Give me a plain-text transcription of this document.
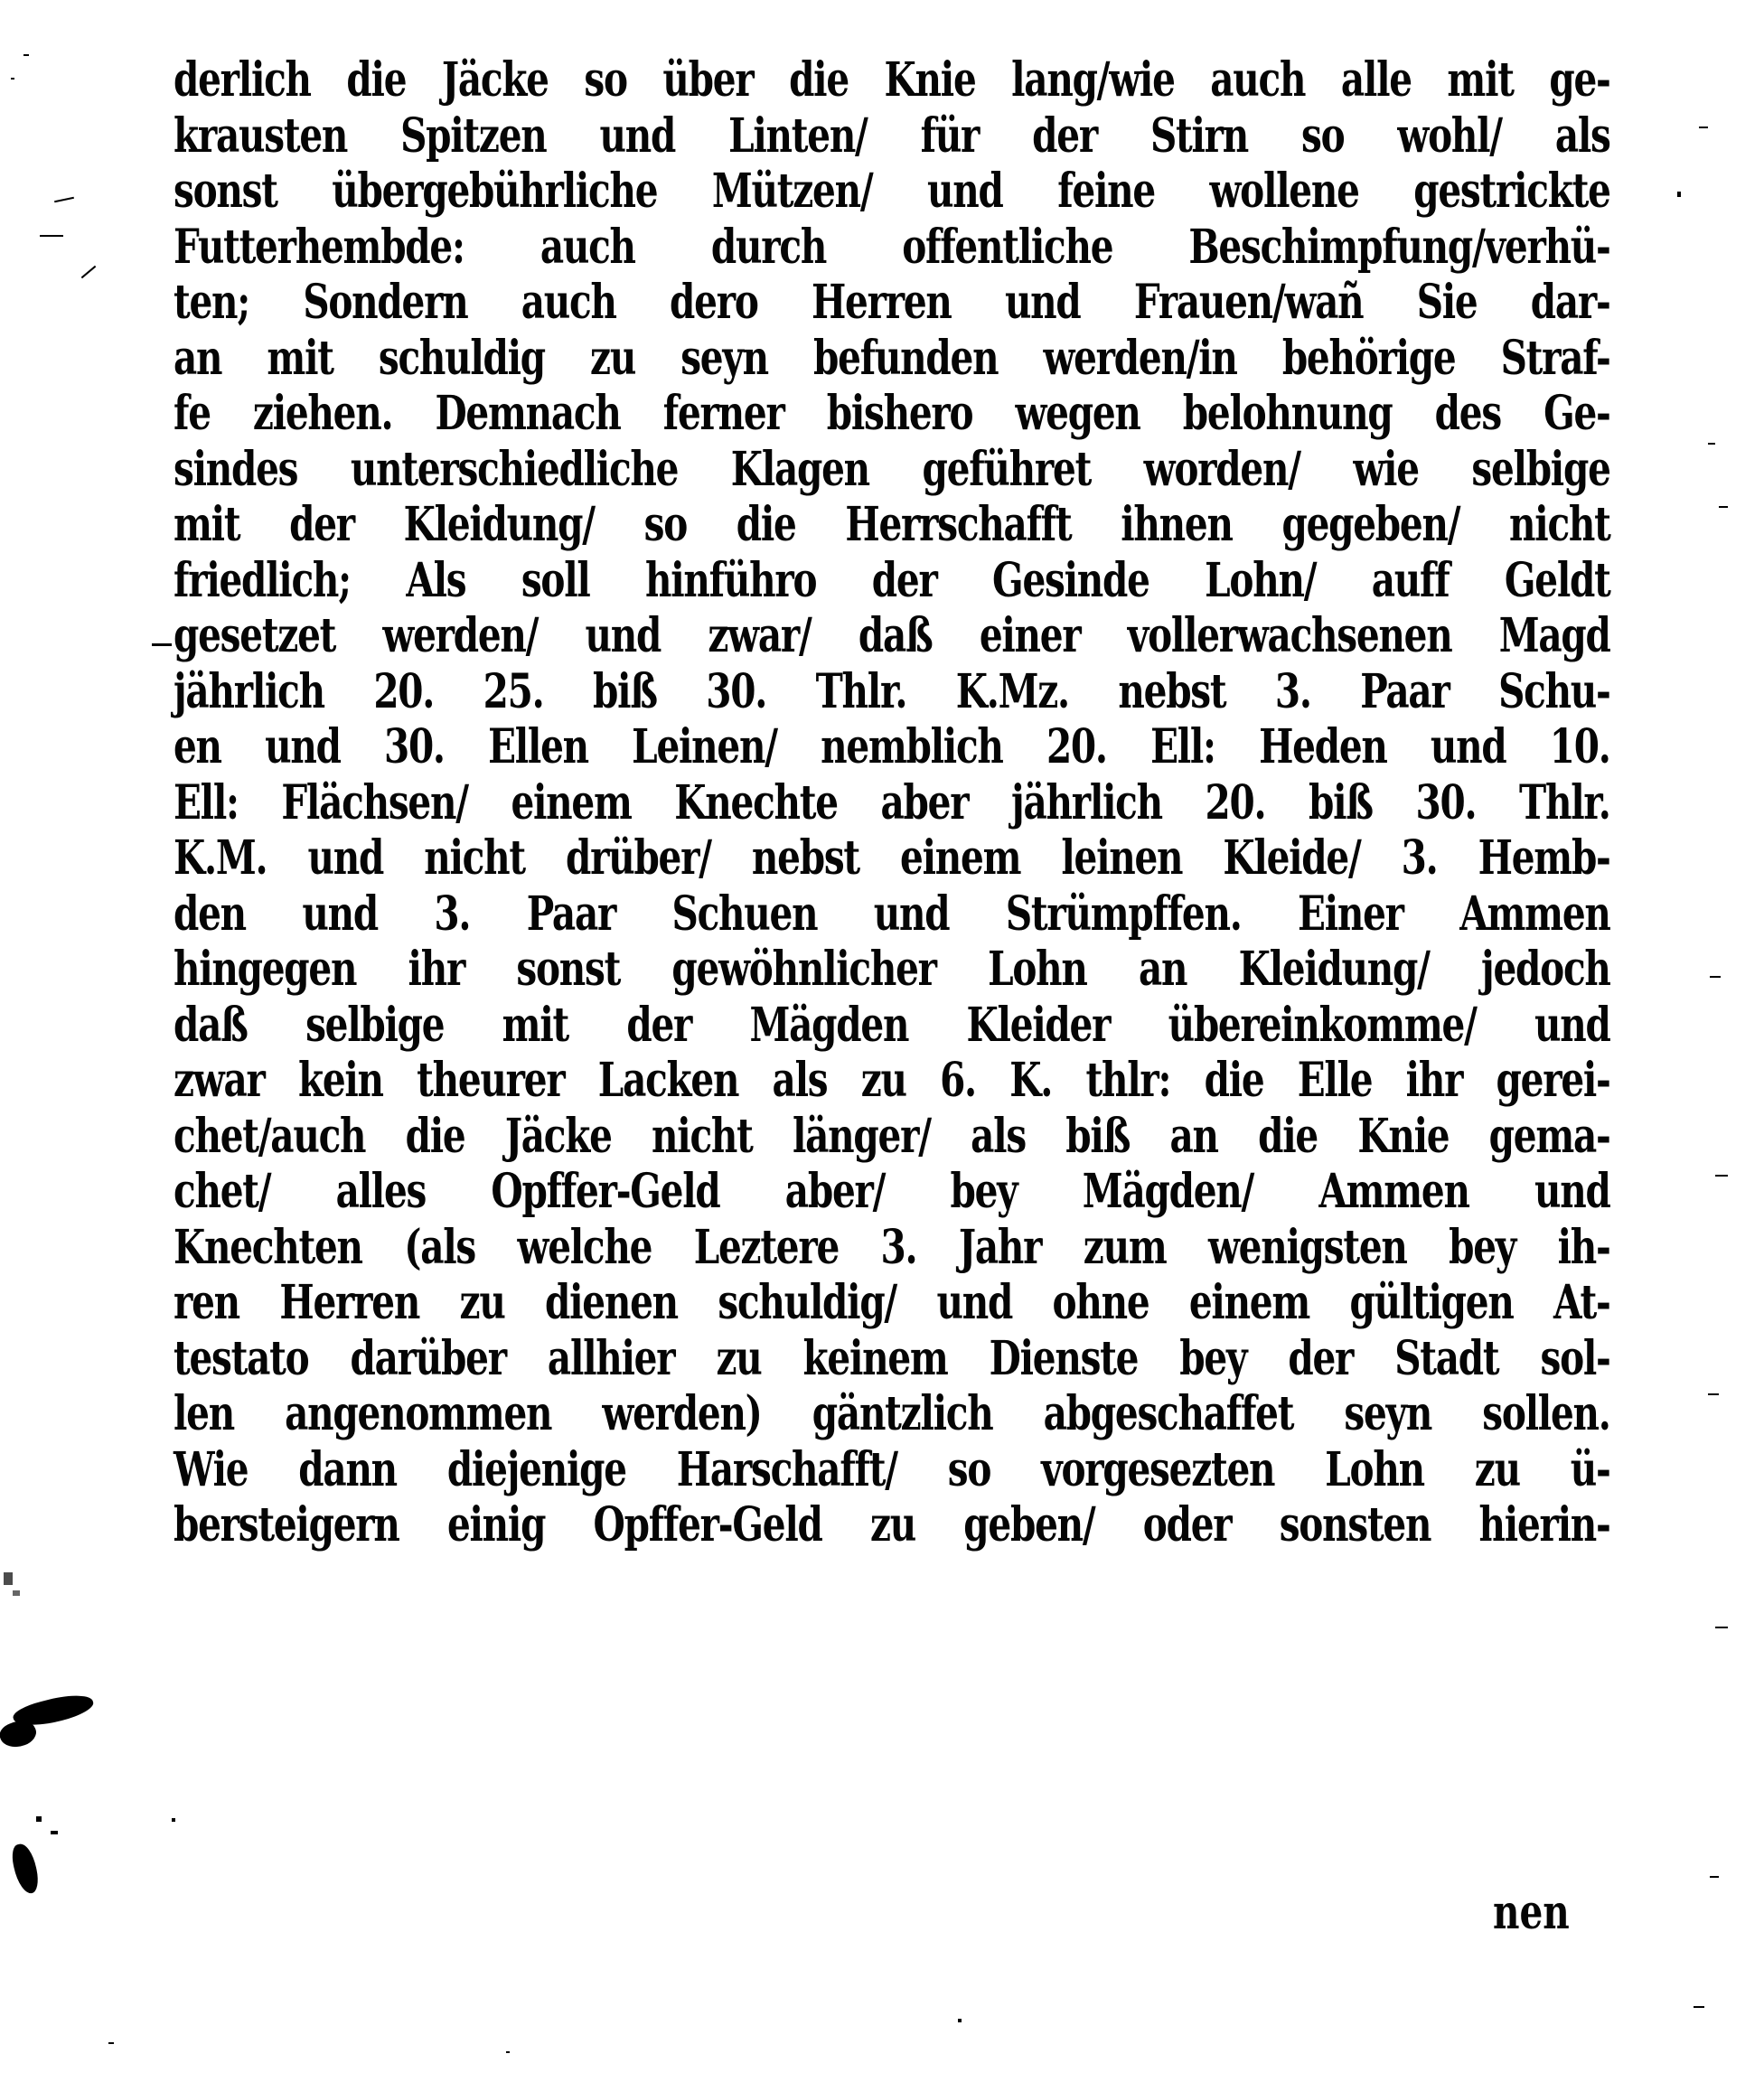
derlich die Jäcke so über die Knie lang/wie auch alle mit ge-
krausten Spitzen und Linten/ für der Stirn so wohl/ als
sonst übergebührliche Mützen/ und feine wollene gestrickte
Futterhembde: auch durch offentliche Beschimpfung/verhü-
ten; Sondern auch dero Herren und Frauen/wañ Sie dar-
an mit schuldig zu seyn befunden werden/in behörige Straf-
fe ziehen. Demnach ferner bishero wegen belohnung des Ge-
sindes unterschiedliche Klagen geführet worden/ wie selbige
mit der Kleidung/ so die Herrschafft ihnen gegeben/ nicht
friedlich; Als soll hinführo der Gesinde Lohn/ auff Geldt
gesetzet werden/ und zwar/ daß einer vollerwachsenen Magd
jährlich 20. 25. biß 30. Thlr. K.Mz. nebst 3. Paar Schu-
en und 30. Ellen Leinen/ nemblich 20. Ell: Heden und 10.
Ell: Flächsen/ einem Knechte aber jährlich 20. biß 30. Thlr.
K.M. und nicht drüber/ nebst einem leinen Kleide/ 3. Hemb-
den und 3. Paar Schuen und Strümpffen. Einer Ammen
hingegen ihr sonst gewöhnlicher Lohn an Kleidung/ jedoch
daß selbige mit der Mägden Kleider übereinkomme/ und
zwar kein theurer Lacken als zu 6. K. thlr: die Elle ihr gerei-
chet/auch die Jäcke nicht länger/ als biß an die Knie gema-
chet/ alles Opffer-Geld aber/ bey Mägden/ Ammen und
Knechten (als welche Leztere 3. Jahr zum wenigsten bey ih-
ren Herren zu dienen schuldig/ und ohne einem gültigen At-
testato darüber allhier zu keinem Dienste bey der Stadt sol-
len angenommen werden) gäntzlich abgeschaffet seyn sollen.
Wie dann diejenige Harschafft/ so vorgesezten Lohn zu ü-
bersteigern einig Opffer-Geld zu geben/ oder sonsten hierin-
nen
